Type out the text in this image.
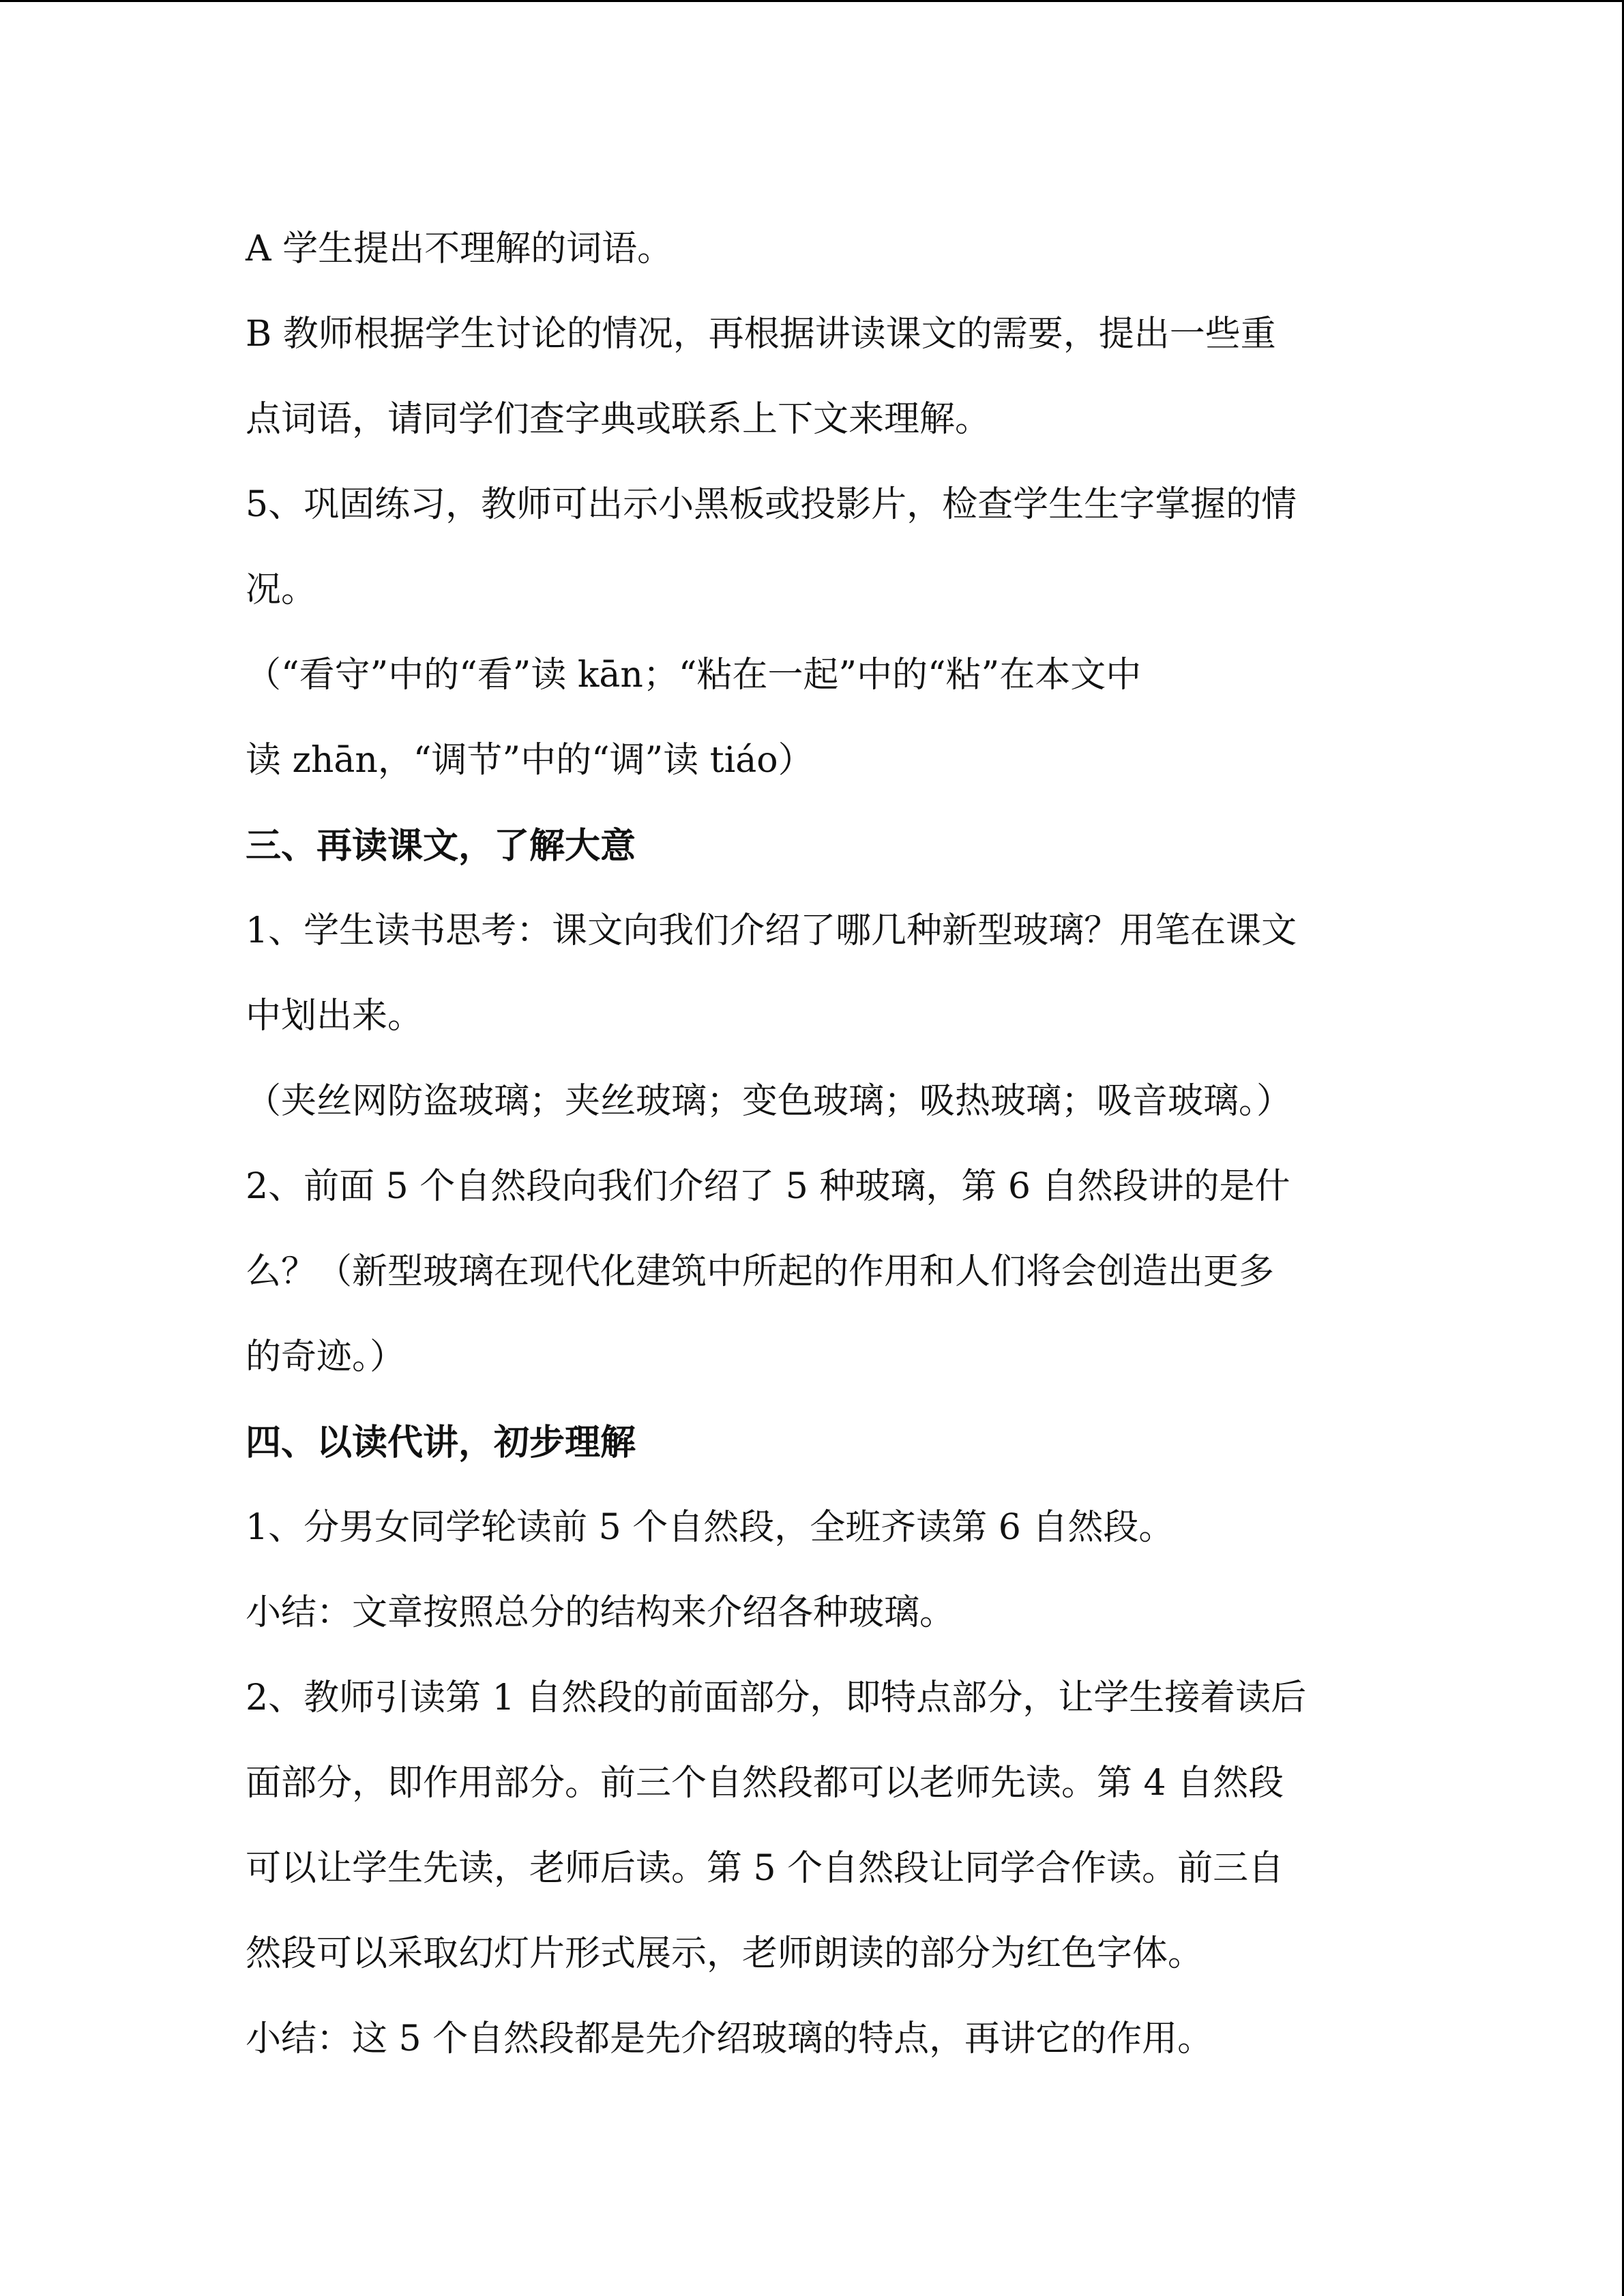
A 学生提出不理解的词语。
B 教师根据学生讨论的情况，再根据讲读课文的需要，提出一些重
点词语，请同学们查字典或联系上下文来理解。
5、巩固练习，教师可出示小黑板或投影片，检查学生生字掌握的情
况。
（“看守”中的“看”读 kān；“粘在一起”中的“粘”在本文中
读 zhān，“调节”中的“调”读 tiáo）
三、再读课文，了解大意
1、学生读书思考：课文向我们介绍了哪几种新型玻璃？用笔在课文
中划出来。
（夹丝网防盗玻璃；夹丝玻璃；变色玻璃；吸热玻璃；吸音玻璃。）
2、前面 5 个自然段向我们介绍了 5 种玻璃，第 6 自然段讲的是什
么？（新型玻璃在现代化建筑中所起的作用和人们将会创造出更多
的奇迹。）
四、以读代讲，初步理解
1、分男女同学轮读前 5 个自然段，全班齐读第 6 自然段。
小结：文章按照总分的结构来介绍各种玻璃。
2、教师引读第 1 自然段的前面部分，即特点部分，让学生接着读后
面部分，即作用部分。前三个自然段都可以老师先读。第 4 自然段
可以让学生先读，老师后读。第 5 个自然段让同学合作读。前三自
然段可以采取幻灯片形式展示，老师朗读的部分为红色字体。
小结：这 5 个自然段都是先介绍玻璃的特点，再讲它的作用。
